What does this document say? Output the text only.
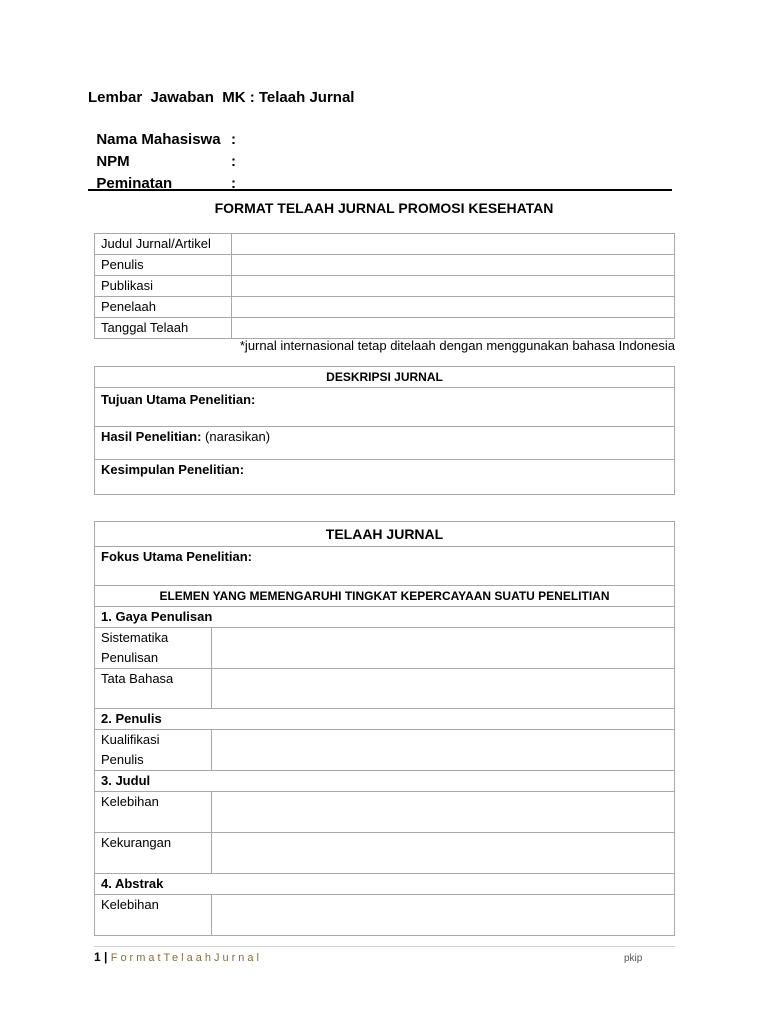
Lembar  Jawaban  MK : Telaah Jurnal

Nama Mahasiswa :

NPM	:

Peminatan	:

FORMAT TELAAH JURNAL PROMOSI KESEHATAN
Judul Jurnal/Artikel	
Penulis	
Publikasi	
Penelaah	
Tanggal Telaah	
*jurnal internasional tetap ditelaah dengan menggunakan bahasa Indonesia
DESKRIPSI JURNAL
Tujuan Utama Penelitian:
Hasil Penelitian: (narasikan)
Kesimpulan Penelitian:
TELAAH JURNAL	
Fokus Utama Penelitian:	
ELEMEN YANG MEMENGARUHI TINGKAT KEPERCAYAAN SUATU PENELITIAN	
1. Gaya Penulisan	
Sistematika
Penulisan	
Tata Bahasa	
2. Penulis	
Kualifikasi
Penulis	
3. Judul	
Kelebihan	
Kekurangan	
4. Abstrak	
Kelebihan	
1 | FormatTelaahJurnal	pkip
